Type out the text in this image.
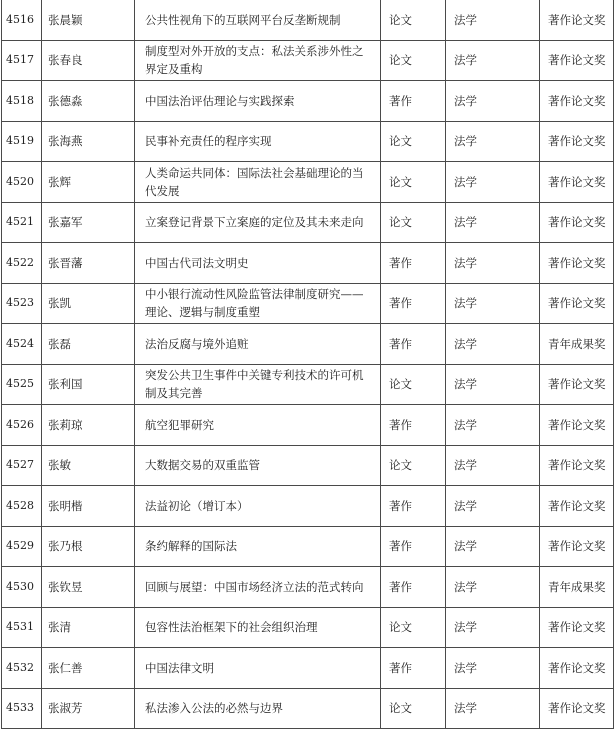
4516	张晨颖	公共性视角下的互联网平台反垄断规制	论文	法学	著作论文奖
4517	张春良	制度型对外开放的支点：私法关系涉外性之界定及重构	论文	法学	著作论文奖
4518	张德淼	中国法治评估理论与实践探索	著作	法学	著作论文奖
4519	张海燕	民事补充责任的程序实现	论文	法学	著作论文奖
4520	张辉	人类命运共同体：国际法社会基础理论的当代发展	论文	法学	著作论文奖
4521	张嘉军	立案登记背景下立案庭的定位及其未来走向	论文	法学	著作论文奖
4522	张晋藩	中国古代司法文明史	著作	法学	著作论文奖
4523	张凯	中小银行流动性风险监管法律制度研究——理论、逻辑与制度重塑	著作	法学	著作论文奖
4524	张磊	法治反腐与境外追赃	著作	法学	青年成果奖
4525	张利国	突发公共卫生事件中关键专利技术的许可机制及其完善	论文	法学	著作论文奖
4526	张莉琼	航空犯罪研究	著作	法学	著作论文奖
4527	张敏	大数据交易的双重监管	论文	法学	著作论文奖
4528	张明楷	法益初论（增订本）	著作	法学	著作论文奖
4529	张乃根	条约解释的国际法	著作	法学	著作论文奖
4530	张钦昱	回顾与展望：中国市场经济立法的范式转向	著作	法学	青年成果奖
4531	张清	包容性法治框架下的社会组织治理	论文	法学	著作论文奖
4532	张仁善	中国法律文明	著作	法学	著作论文奖
4533	张淑芳	私法渗入公法的必然与边界	论文	法学	著作论文奖
